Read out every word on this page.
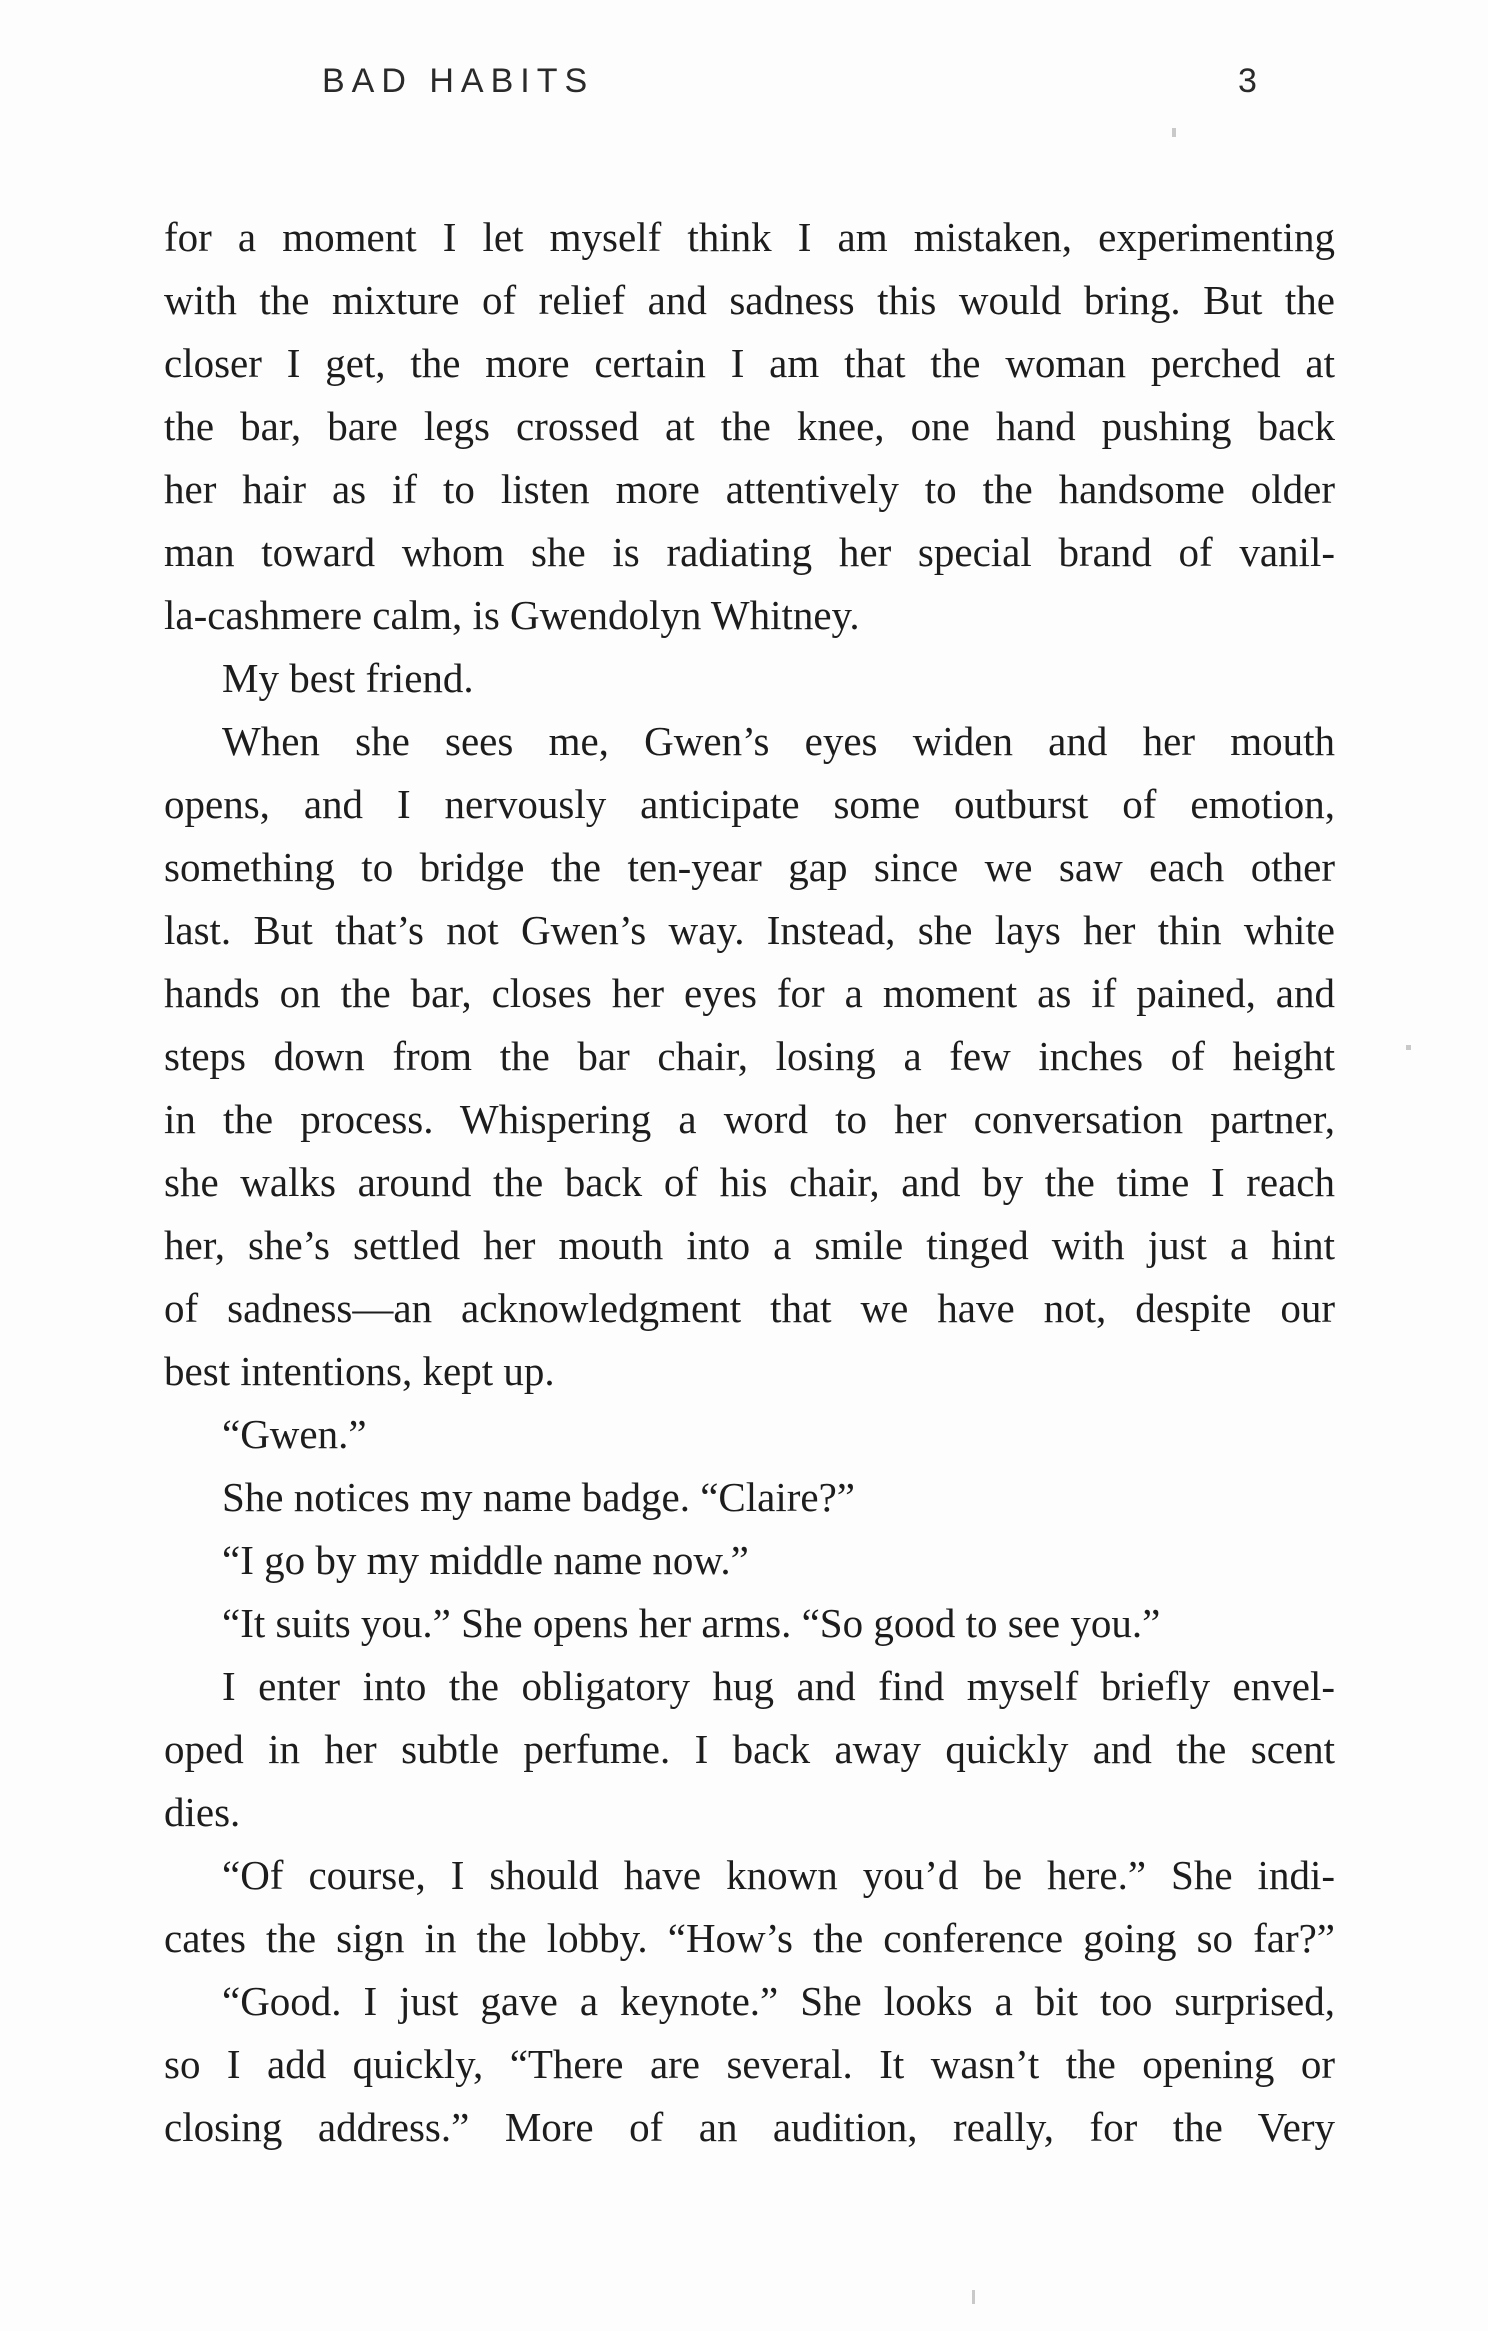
BAD HABITS	3
for a moment I let myself think I am mistaken, experimenting
with the mixture of relief and sadness this would bring. But the
closer I get, the more certain I am that the woman perched at
the bar, bare legs crossed at the knee, one hand pushing back
her hair as if to listen more attentively to the handsome older
man toward whom she is radiating her special brand of vanil-
la-cashmere calm, is Gwendolyn Whitney.
My best friend.
When she sees me, Gwen’s eyes widen and her mouth
opens, and I nervously anticipate some outburst of emotion,
something to bridge the ten-year gap since we saw each other
last. But that’s not Gwen’s way. Instead, she lays her thin white
hands on the bar, closes her eyes for a moment as if pained, and
steps down from the bar chair, losing a few inches of height
in the process. Whispering a word to her conversation partner,
she walks around the back of his chair, and by the time I reach
her, she’s settled her mouth into a smile tinged with just a hint
of sadness—an acknowledgment that we have not, despite our
best intentions, kept up.
“Gwen.”
She notices my name badge. “Claire?”
“I go by my middle name now.”
“It suits you.” She opens her arms. “So good to see you.”
I enter into the obligatory hug and find myself briefly envel-
oped in her subtle perfume. I back away quickly and the scent
dies.
“Of course, I should have known you’d be here.” She indi-
cates the sign in the lobby. “How’s the conference going so far?”
“Good. I just gave a keynote.” She looks a bit too surprised,
so I add quickly, “There are several. It wasn’t the opening or
closing address.” More of an audition, really, for the Very
